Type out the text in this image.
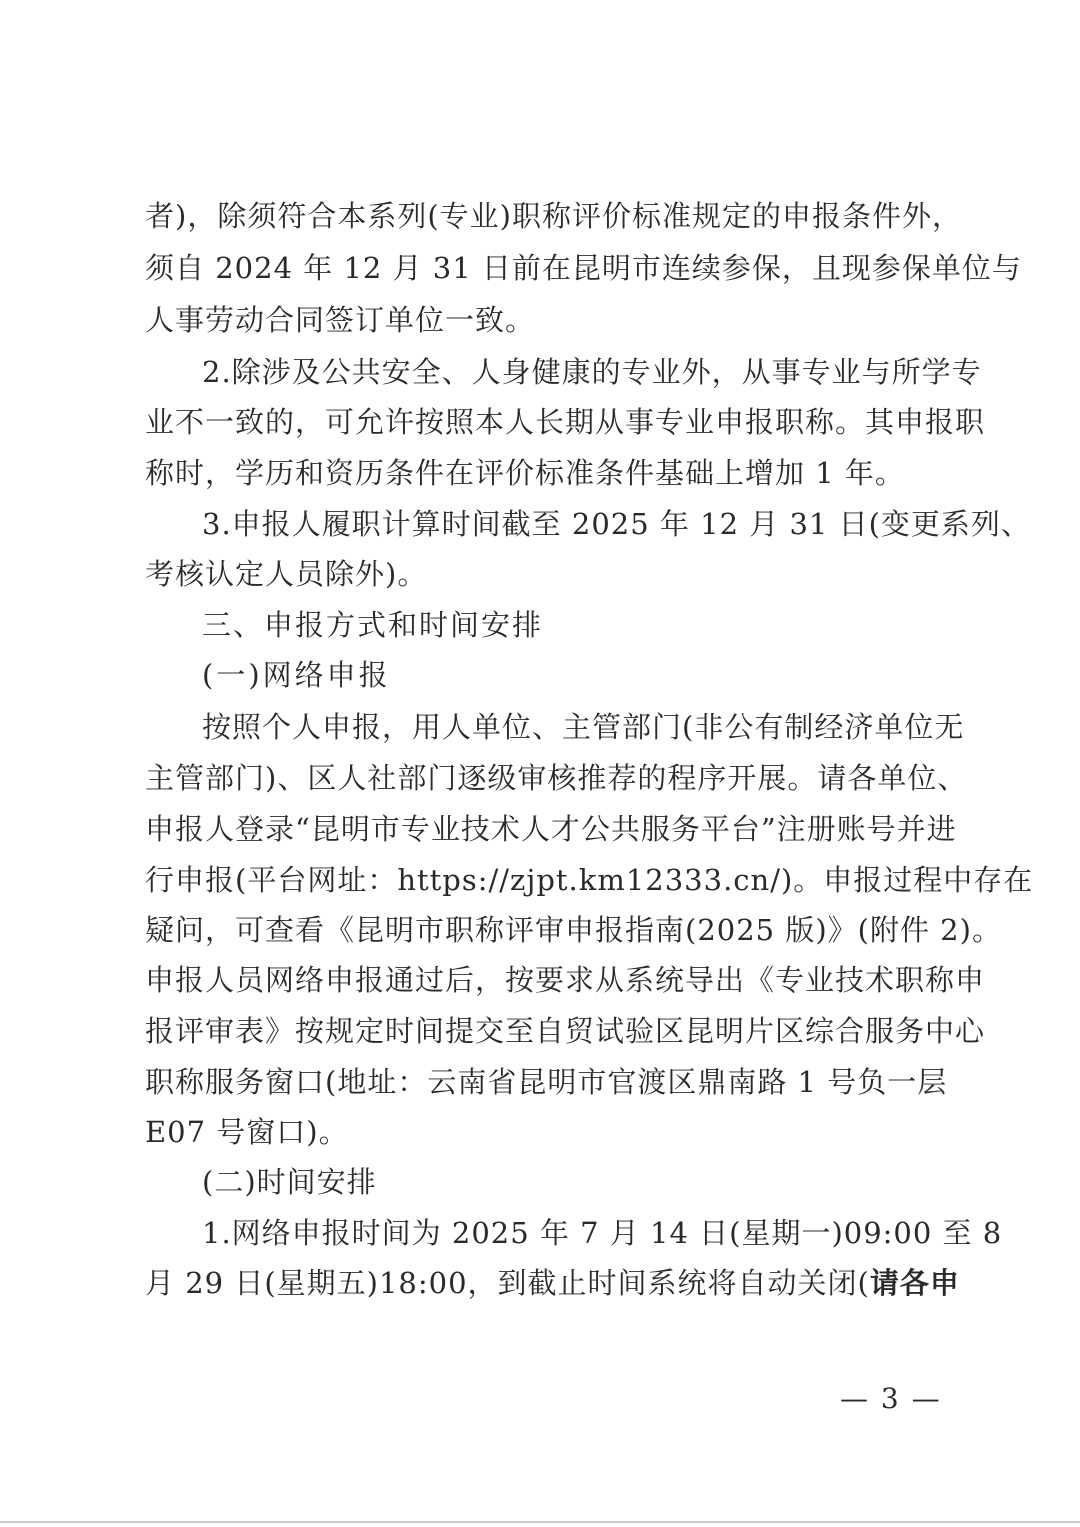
者)，除须符合本系列(专业)职称评价标准规定的申报条件外，
须自 2024 年 12 月 31 日前在昆明市连续参保，且现参保单位与
人事劳动合同签订单位一致。
2.除涉及公共安全、人身健康的专业外，从事专业与所学专
业不一致的，可允许按照本人长期从事专业申报职称。其申报职
称时，学历和资历条件在评价标准条件基础上增加 1 年。
3.申报人履职计算时间截至 2025 年 12 月 31 日(变更系列、
考核认定人员除外)。
三、申报方式和时间安排
(一)网络申报
按照个人申报，用人单位、主管部门(非公有制经济单位无
主管部门)、区人社部门逐级审核推荐的程序开展。请各单位、
申报人登录“昆明市专业技术人才公共服务平台”注册账号并进
行申报(平台网址：https://zjpt.km12333.cn/)。申报过程中存在
疑问，可查看《昆明市职称评审申报指南(2025 版)》(附件 2)。
申报人员网络申报通过后，按要求从系统导出《专业技术职称申
报评审表》按规定时间提交至自贸试验区昆明片区综合服务中心
职称服务窗口(地址：云南省昆明市官渡区鼎南路 1 号负一层
E07 号窗口)。
(二)时间安排
1.网络申报时间为 2025 年 7 月 14 日(星期一)09:00 至 8
月 29 日(星期五)18:00，到截止时间系统将自动关闭(请各申
— 3 —
